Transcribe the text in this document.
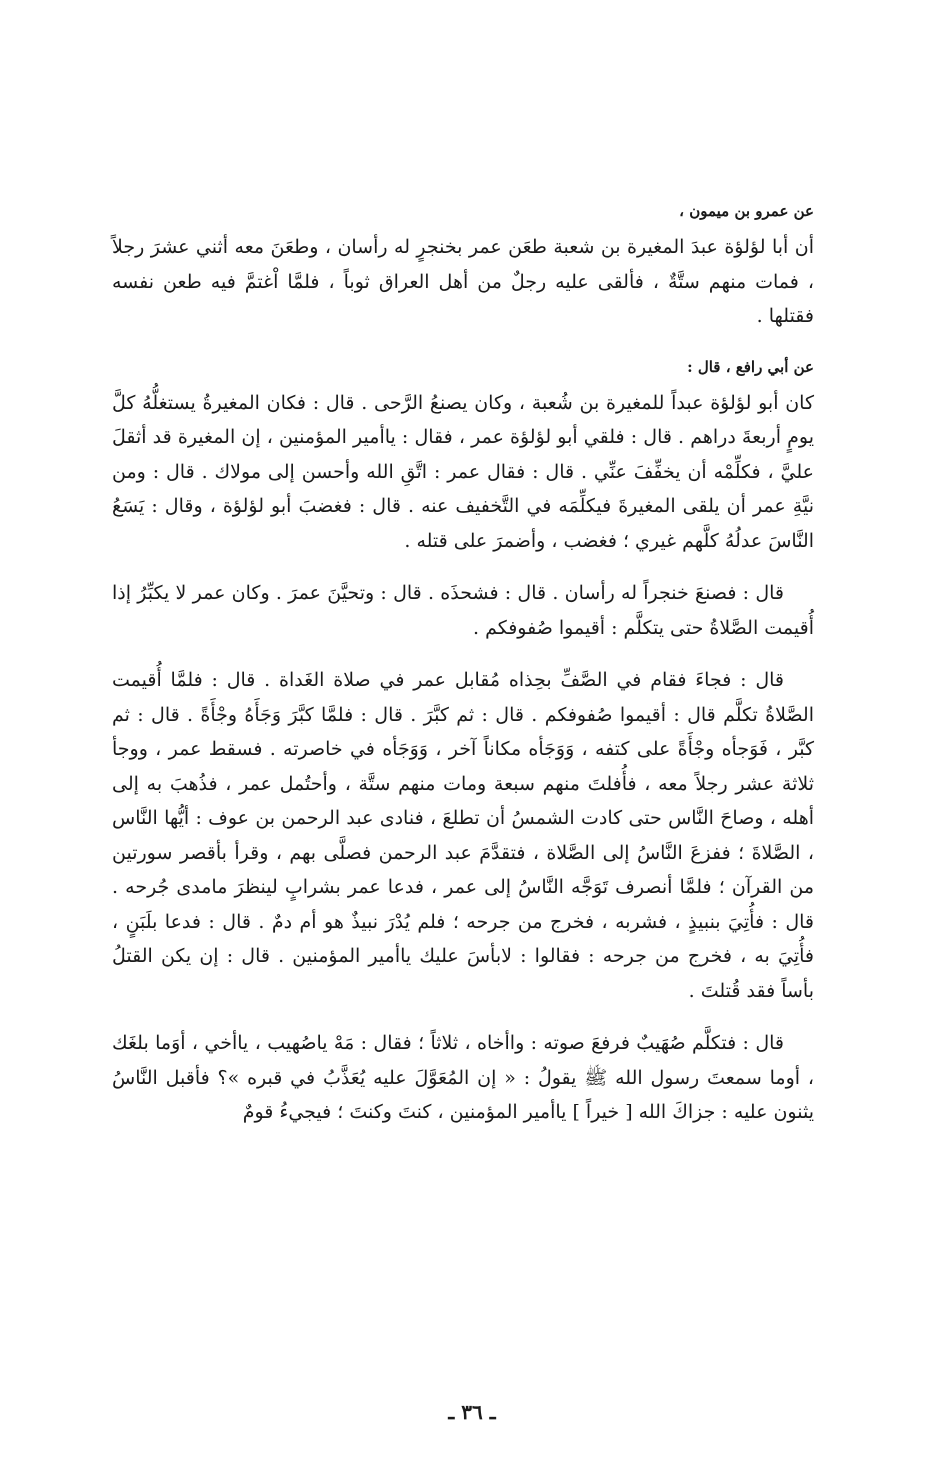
عن عمرو بن ميمون ،

أن أبا لؤلؤة عبدَ المغيرة بن شعبة طعَن عمر بخنجرٍ له رأسان ، وطعَنَ معه أثني عشرَ رجلاً ، فمات منهم ستَّةٌ ، فألقى عليه رجلٌ من أهل العراق ثوباً ، فلمَّا اْغتمَّ فيه طعن نفسه فقتلها .

عن أبي رافع ، قال :

كان أبو لؤلؤة عبداً للمغيرة بن شُعبة ، وكان يصنعُ الرَّحى . قال : فكان المغيرةُ يستغلُّهُ كلَّ يومٍ أربعةَ دراهم . قال : فلقي أبو لؤلؤة عمر ، فقال : ياأمير المؤمنين ، إن المغيرة قد أثقلَ عليَّ ، فكلِّمْه أن يخفِّفَ عنِّي . قال : فقال عمر : اتَّقِ الله وأحسن إلى مولاك . قال : ومن نيَّةِ عمر أن يلقى المغيرةَ فيكلِّمَه في التَّخفيف عنه . قال : فغضبَ أبو لؤلؤة ، وقال : يَسَعُ النَّاسَ عدلُهُ كلَّهم غيري ؛ فغضب ، وأضمرَ على قتله .

قال : فصنعَ خنجراً له رأسان . قال : فشحذَه . قال : وتحيَّنَ عمرَ . وكان عمر لا يكبِّرُ إذا أُقيمت الصَّلاةُ حتى يتكلَّم : أقيموا صُفوفكم .

قال : فجاءَ فقام في الصَّفِّ بحِذاه مُقابل عمر في صلاة الغَداة . قال : فلمَّا أُقيمت الصَّلاةُ تكلَّم قال : أقيموا صُفوفكم . قال : ثم كبَّرَ . قال : فلمَّا كبَّرَ وَجَأَهُ وجْأَةً . قال : ثم كبَّر ، فَوَجأه وجْأَةً على كتفه ، وَوَجَأه مكاناً آخر ، وَوَجَأه في خاصرته . فسقط عمر ، ووجأ ثلاثة عشر رجلاً معه ، فأُفلتَ منهم سبعة ومات منهم ستَّة ، وأحتُمل عمر ، فذُهبَ به إلى أهله ، وصاحَ النَّاس حتى كادت الشمسُ أن تطلعَ ، فنادى عبد الرحمن بن عوف : أيُّها النَّاس ، الصَّلاةَ ؛ ففزعَ النَّاسُ إلى الصَّلاة ، فتقدَّمَ عبد الرحمن فصلَّى بهم ، وقرأ بأقصر سورتين من القرآن ؛ فلمَّا أنصرف تَوَجَّه النَّاسُ إلى عمر ، فدعا عمر بشرابٍ لينظرَ مامدى جُرحه . قال : فأُتِيَ بنبيذٍ ، فشربه ، فخرج من جرحه ؛ فلم يُدْرَ نبيذٌ هو أم دمٌ . قال : فدعا بلَبَنٍ ، فأُتِيَ به ، فخرج من جرحه : فقالوا : لابأسَ عليك ياأمير المؤمنين . قال : إن يكن القتلُ بأساً فقد قُتلتَ .

قال : فتكلَّم صُهَيبٌ فرفعَ صوته : واأخاه ، ثلاثاً ؛ فقال : مَهْ ياصُهيب ، ياأخي ، أوَما بلغَك ، أوما سمعتَ رسول الله ﷺ يقولُ : « إن المُعَوَّلَ عليه يُعَذَّبُ في قبره »؟ فأقبل النَّاسُ يثنون عليه : جزاكَ الله [ خيراً ] ياأمير المؤمنين ، كنتَ وكنتَ ؛ فيجيءُ قومٌ

ـ ٣٦ ـ
